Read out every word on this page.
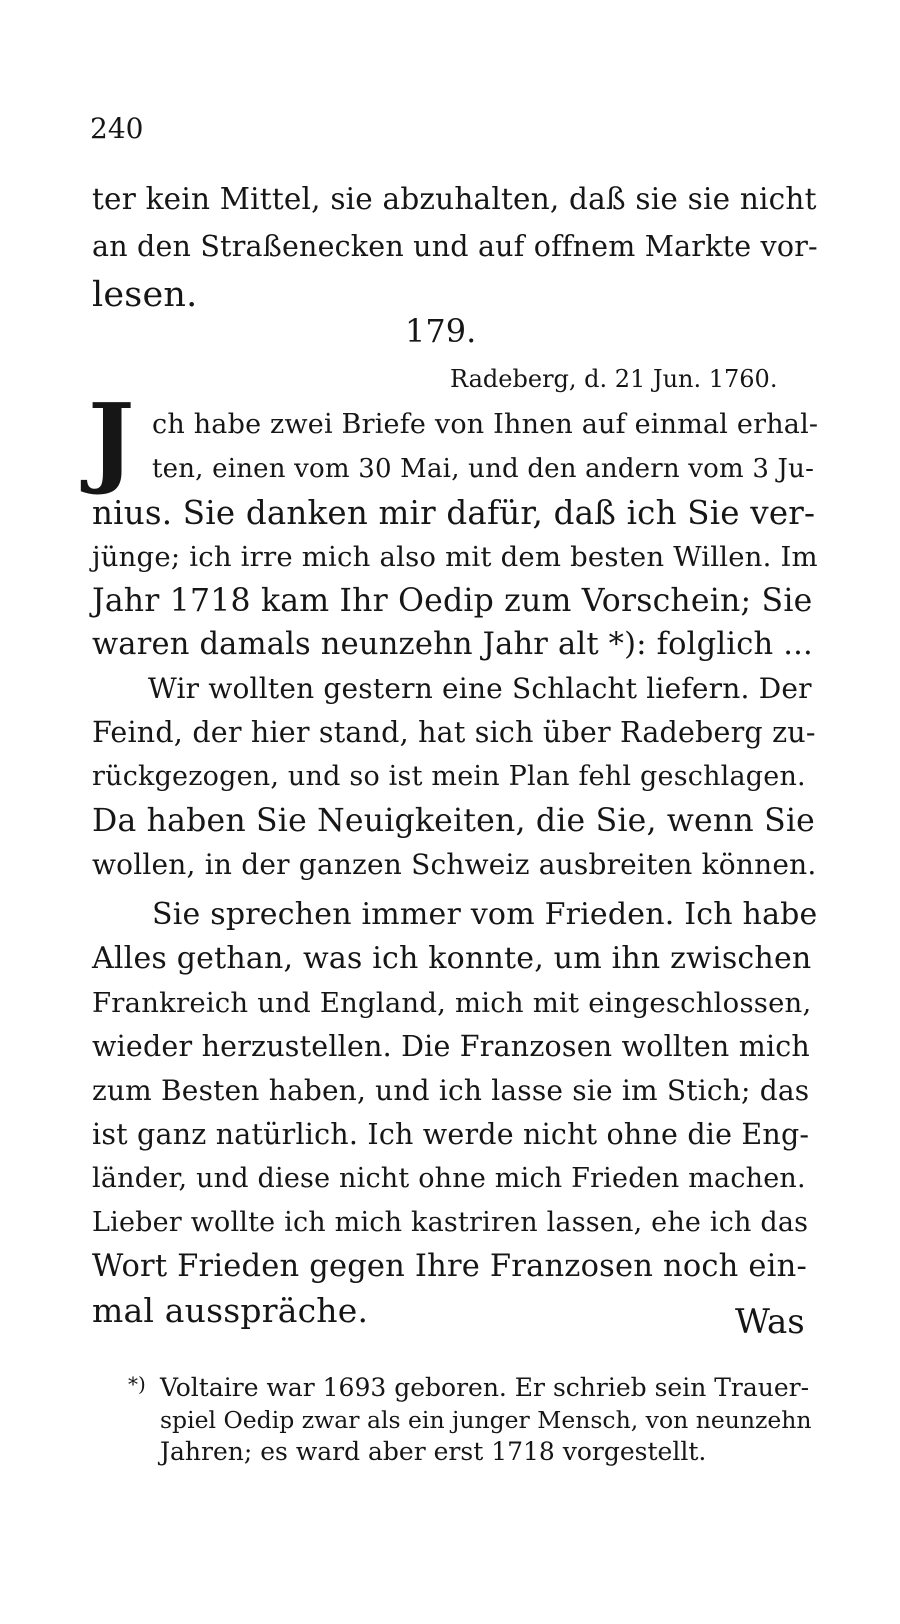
240
ter kein Mittel, sie abzuhalten, daß sie sie nicht
an den Straßenecken und auf offnem Markte vor-
lesen.
179.
Radeberg, d. 21 Jun. 1760.
J ch habe zwei Briefe von Ihnen auf einmal erhal-
ten, einen vom 30 Mai, und den andern vom 3 Ju-
nius. Sie danken mir dafür, daß ich Sie ver-
jünge; ich irre mich also mit dem besten Willen. Im
Jahr 1718 kam Ihr Oedip zum Vorschein; Sie
waren damals neunzehn Jahr alt *): folglich ...
Wir wollten gestern eine Schlacht liefern. Der
Feind, der hier stand, hat sich über Radeberg zu-
rückgezogen, und so ist mein Plan fehl geschlagen.
Da haben Sie Neuigkeiten, die Sie, wenn Sie
wollen, in der ganzen Schweiz ausbreiten können.
Sie sprechen immer vom Frieden. Ich habe
Alles gethan, was ich konnte, um ihn zwischen
Frankreich und England, mich mit eingeschlossen,
wieder herzustellen. Die Franzosen wollten mich
zum Besten haben, und ich lasse sie im Stich; das
ist ganz natürlich. Ich werde nicht ohne die Eng-
länder, und diese nicht ohne mich Frieden machen.
Lieber wollte ich mich kastriren lassen, ehe ich das
Wort Frieden gegen Ihre Franzosen noch ein-
mal ausspräche.	Was
*) Voltaire war 1693 geboren. Er schrieb sein Trauer-
spiel Oedip zwar als ein junger Mensch, von neunzehn
Jahren; es ward aber erst 1718 vorgestellt.
